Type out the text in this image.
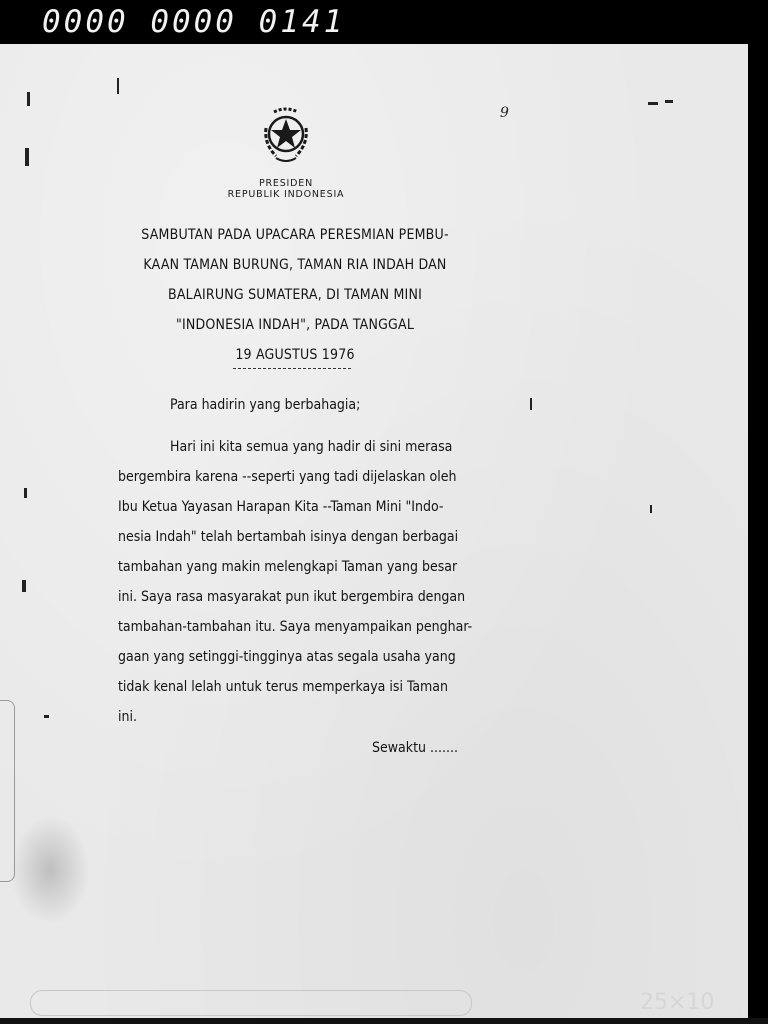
0000 0000 0141
25×10
9
PRESIDEN
REPUBLIK INDONESIA
SAMBUTAN PADA UPACARA PERESMIAN PEMBU-
KAAN TAMAN BURUNG, TAMAN RIA INDAH DAN
BALAIRUNG SUMATERA, DI TAMAN MINI
"INDONESIA INDAH", PADA TANGGAL
19 AGUSTUS 1976
Para hadirin yang berbahagia;
Hari ini kita semua yang hadir di sini merasa
bergembira karena --seperti yang tadi dijelaskan oleh
Ibu Ketua Yayasan Harapan Kita --Taman Mini "Indo-
nesia Indah" telah bertambah isinya dengan berbagai
tambahan yang makin melengkapi Taman yang besar
ini. Saya rasa masyarakat pun ikut bergembira dengan
tambahan-tambahan itu. Saya menyampaikan penghar-
gaan yang setinggi-tingginya atas segala usaha yang
tidak kenal lelah untuk terus memperkaya isi Taman
ini.
Sewaktu .......
